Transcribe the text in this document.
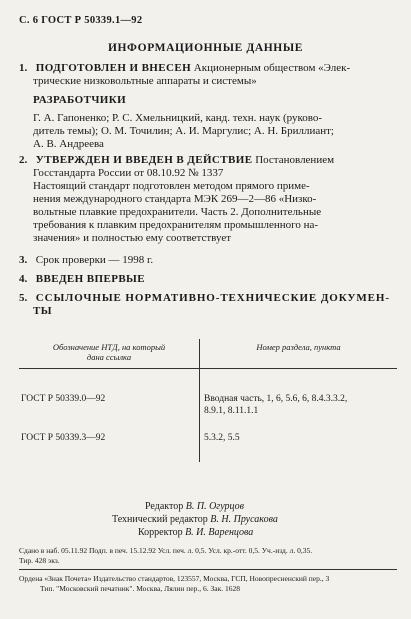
С. 6 ГОСТ Р 50339.1—92
ИНФОРМАЦИОННЫЕ ДАННЫЕ
1. ПОДГОТОВЛЕН И ВНЕСЕН Акционерным обществом «Элек-
трические низковольтные аппараты и системы»
РАЗРАБОТЧИКИ
Г. А. Гапоненко; Р. С. Хмельницкий, канд. техн. наук (руково-
дитель темы); О. М. Точилин; А. И. Маргулис; А. Н. Бриллиант;
А. В. Андреева
2. УТВЕРЖДЕН И ВВЕДЕН В ДЕЙСТВИЕ Постановлением
Госстандарта России от 08.10.92 № 1337
Настоящий стандарт подготовлен методом прямого приме-
нения международного стандарта МЭК 269—2—86 «Низко-
вольтные плавкие предохранители. Часть 2. Дополнительные
требования к плавким предохранителям промышленного на-
значения» и полностью ему соответствует
3. Срок проверки — 1998 г.
4. ВВЕДЕН ВПЕРВЫЕ
5. ССЫЛОЧНЫЕ НОРМАТИВНО-ТЕХНИЧЕСКИЕ ДОКУМЕН-
ТЫ
Обозначение НТД, на который
дана ссылка	Номер раздела, пункта
ГОСТ Р 50339.0—92	Вводная часть, 1, 6, 5.6, 6, 8.4.3.3.2,
8.9.1, 8.11.1.1
ГОСТ Р 50339.3—92	5.3.2, 5.5
Редактор В. П. Огурцов
Технический редактор В. Н. Прусакова
Корректор В. И. Варенцова
Сдано в наб. 05.11.92 Подп. в печ. 15.12.92 Усл. печ. л. 0,5. Усл. кр.-отт. 0,5. Уч.-изд. л. 0,35.
Тир. 428 экз.
Ордена «Знак Почета» Издательство стандартов, 123557, Москва, ГСП, Новопресненский пер., 3
Тип. "Московский печатник". Москва, Лялин пер., 6. Зак. 1628
